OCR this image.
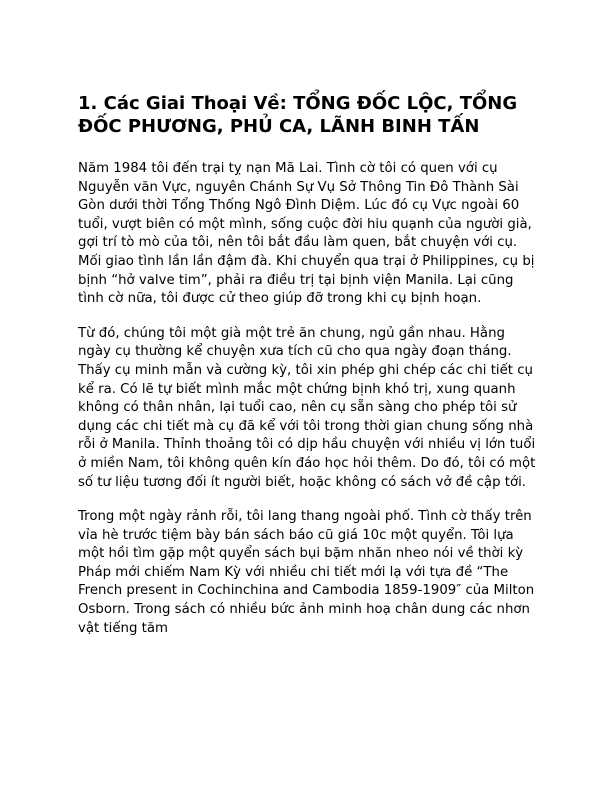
1. Các Giai Thoại Về: TỔNG ĐỐC LỘC, TỔNG ĐỐC PHƯƠNG, PHỦ CA, LÃNH BINH TẤN

Năm 1984 tôi đến trại tỵ nạn Mã Lai. Tình cờ tôi có quen với cụ Nguyễn văn Vực, nguyên Chánh Sự Vụ Sở Thông Tin Đô Thành Sài Gòn dưới thời Tổng Thống Ngô Đình Diệm. Lúc đó cụ Vực ngoài 60 tuổi, vượt biên có một mình, sống cuộc đời hiu quạnh của người già, gợi trí tò mò của tôi, nên tôi bắt đầu làm quen, bắt chuyện với cụ. Mối giao tình lần lần đậm đà. Khi chuyển qua trại ở Philippines, cụ bị bịnh “hở valve tim”, phải ra điều trị tại bịnh viện Manila. Lại cũng tình cờ nữa, tôi được cử theo giúp đỡ trong khi cụ bịnh hoạn.

Từ đó, chúng tôi một già một trẻ ăn chung, ngủ gần nhau. Hằng ngày cụ thường kể chuyện xưa tích cũ cho qua ngày đoạn tháng. Thấy cụ minh mẫn và cường kỳ, tôi xin phép ghi chép các chi tiết cụ kể ra. Có lẽ tự biết mình mắc một chứng bịnh khó trị, xung quanh không có thân nhân, lại tuổi cao, nên cụ sẵn sàng cho phép tôi sử dụng các chi tiết mà cụ đã kể với tôi trong thời gian chung sống nhà rỗi ở Manila. Thỉnh thoảng tôi có dịp hầu chuyện với nhiều vị lớn tuổi ở miền Nam, tôi không quên kín đáo học hỏi thêm. Do đó, tôi có một số tư liệu tương đối ít người biết, hoặc không có sách vở đề cập tới.

Trong một ngày rảnh rỗi, tôi lang thang ngoài phố. Tình cờ thấy trên vỉa hè trước tiệm bày bán sách báo cũ giá 10c một quyển. Tôi lựa một hồi tìm gặp một quyển sách bụi bặm nhăn nheo nói về thời kỳ Pháp mới chiếm Nam Kỳ với nhiều chi tiết mới lạ với tựa đề “The French present in Cochinchina and Cambodia 1859-1909″ của Milton Osborn. Trong sách có nhiều bức ảnh minh hoạ chân dung các nhơn vật tiếng tăm
